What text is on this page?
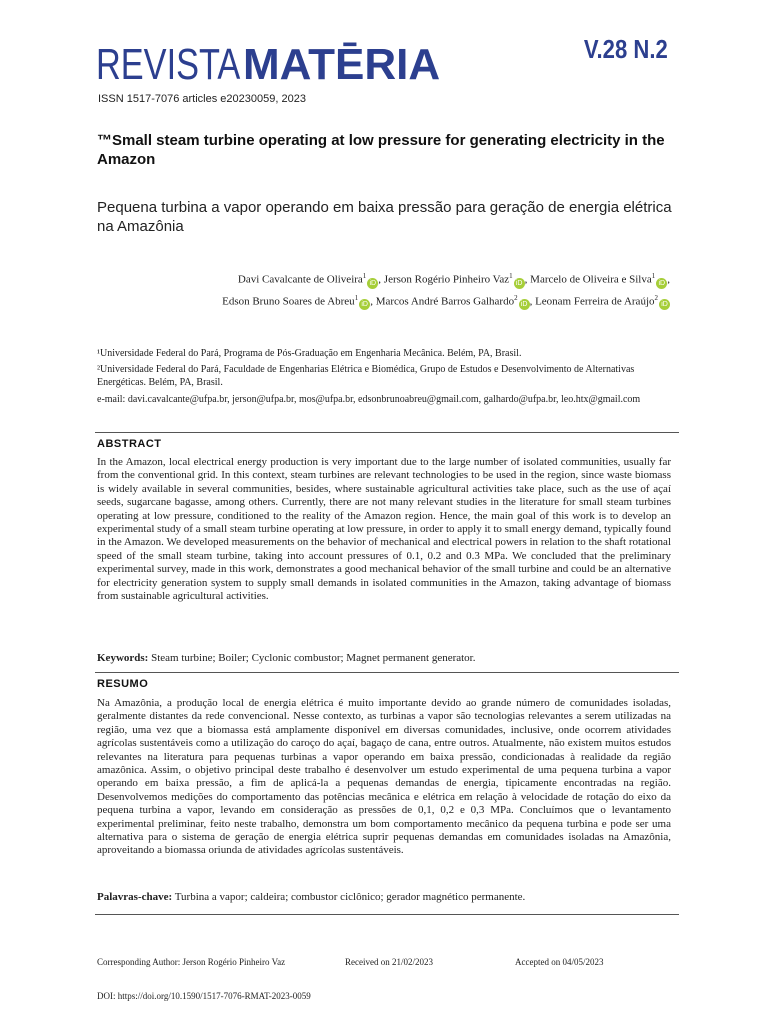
REVISTAMATĒRIA
ISSN 1517-7076 articles e20230059, 2023
V.28 N.2
™Small steam turbine operating at low pressure for generating electricity in the Amazon
Pequena turbina a vapor operando em baixa pressão para geração de energia elétrica na Amazônia
Davi Cavalcante de Oliveira$^1$iD , Jerson Rogério Pinheiro Vaz$^1$iD , Marcelo de Oliveira e Silva$^1$iD ,
Edson Bruno Soares de Abreu$^1$iD , Marcos André Barros Galhardo$^2$iD , Leonam Ferreira de Araújo$^2$iD
¹Universidade Federal do Pará, Programa de Pós-Graduação em Engenharia Mecânica. Belém, PA, Brasil.
²Universidade Federal do Pará, Faculdade de Engenharias Elétrica e Biomédica, Grupo de Estudos e Desenvolvimento de Alternativas Energéticas. Belém, PA, Brasil.
e-mail: davi.cavalcante@ufpa.br, jerson@ufpa.br, mos@ufpa.br, edsonbrunoabreu@gmail.com, galhardo@ufpa.br, leo.htx@gmail.com
ABSTRACT
In the Amazon, local electrical energy production is very important due to the large number of isolated communities, usually far from the conventional grid. In this context, steam turbines are relevant technologies to be used in the region, since waste biomass is widely available in several communities, besides, where sustainable agricultural activities take place, such as the use of açaí seeds, sugarcane bagasse, among others. Currently, there are not many relevant studies in the literature for small steam turbines operating at low pressure, conditioned to the reality of the Amazon region. Hence, the main goal of this work is to develop an experimental study of a small steam turbine operating at low pressure, in order to apply it to small energy demand, typically found in the Amazon. We developed measurements on the behavior of mechanical and electrical powers in relation to the shaft rotational speed of the small steam turbine, taking into account pressures of 0.1, 0.2 and 0.3 MPa. We concluded that the preliminary experimental survey, made in this work, demonstrates a good mechanical behavior of the small turbine and could be an alternative for electricity generation system to supply small demands in isolated communities in the Amazon, taking advantage of biomass from sustainable agricultural activities.
Keywords: Steam turbine; Boiler; Cyclonic combustor; Magnet permanent generator.
RESUMO
Na Amazônia, a produção local de energia elétrica é muito importante devido ao grande número de comunidades isoladas, geralmente distantes da rede convencional. Nesse contexto, as turbinas a vapor são tecnologias relevantes a serem utilizadas na região, uma vez que a biomassa está amplamente disponível em diversas comunidades, inclusive, onde ocorrem atividades agrícolas sustentáveis como a utilização do caroço do açaí, bagaço de cana, entre outros. Atualmente, não existem muitos estudos relevantes na literatura para pequenas turbinas a vapor operando em baixa pressão, condicionadas à realidade da região amazônica. Assim, o objetivo principal deste trabalho é desenvolver um estudo experimental de uma pequena turbina a vapor operando em baixa pressão, a fim de aplicá-la a pequenas demandas de energia, tipicamente encontradas na região. Desenvolvemos medições do comportamento das potências mecânica e elétrica em relação à velocidade de rotação do eixo da pequena turbina a vapor, levando em consideração as pressões de 0,1, 0,2 e 0,3 MPa. Concluímos que o levantamento experimental preliminar, feito neste trabalho, demonstra um bom comportamento mecânico da pequena turbina e pode ser uma alternativa para o sistema de geração de energia elétrica suprir pequenas demandas em comunidades isoladas na Amazônia, aproveitando a biomassa oriunda de atividades agrícolas sustentáveis.
Palavras-chave: Turbina a vapor; caldeira; combustor ciclônico; gerador magnético permanente.
Corresponding Author: Jerson Rogério Pinheiro Vaz	Received on 21/02/2023	Accepted on 04/05/2023
DOI: https://doi.org/10.1590/1517-7076-RMAT-2023-0059
